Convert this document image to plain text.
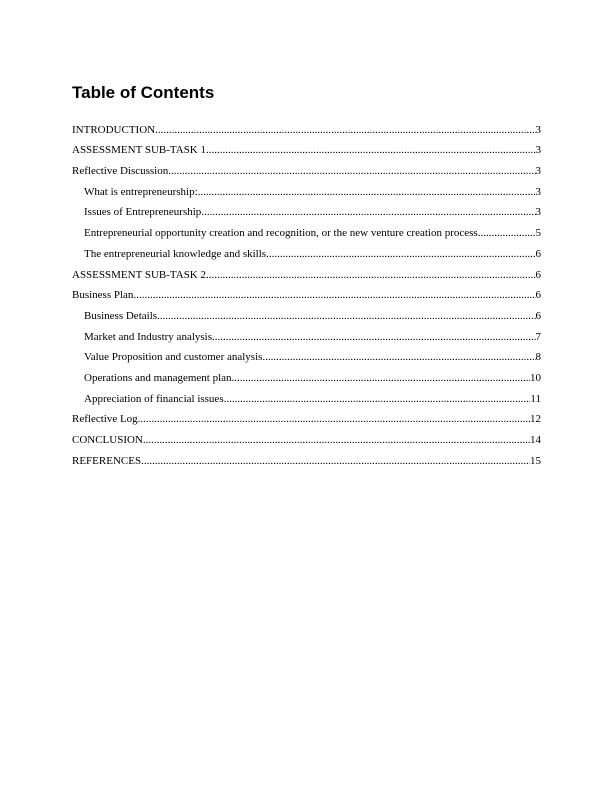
Table of Contents
INTRODUCTION .....	3
ASSESSMENT SUB-TASK 1 .....	3
Reflective Discussion .....	3
What is entrepreneurship: .....	3
Issues of Entrepreneurship .....	3
Entrepreneurial opportunity creation and recognition, or the new venture creation process .....	5
The entrepreneurial knowledge and skills .....	6
ASSESSMENT SUB-TASK 2 .....	6
Business Plan .....	6
Business Details .....	6
Market and Industry analysis .....	7
Value Proposition and customer analysis .....	8
Operations and management plan .....	10
Appreciation of financial issues .....	11
Reflective Log .....	12
CONCLUSION .....	14
REFERENCES .....	15
